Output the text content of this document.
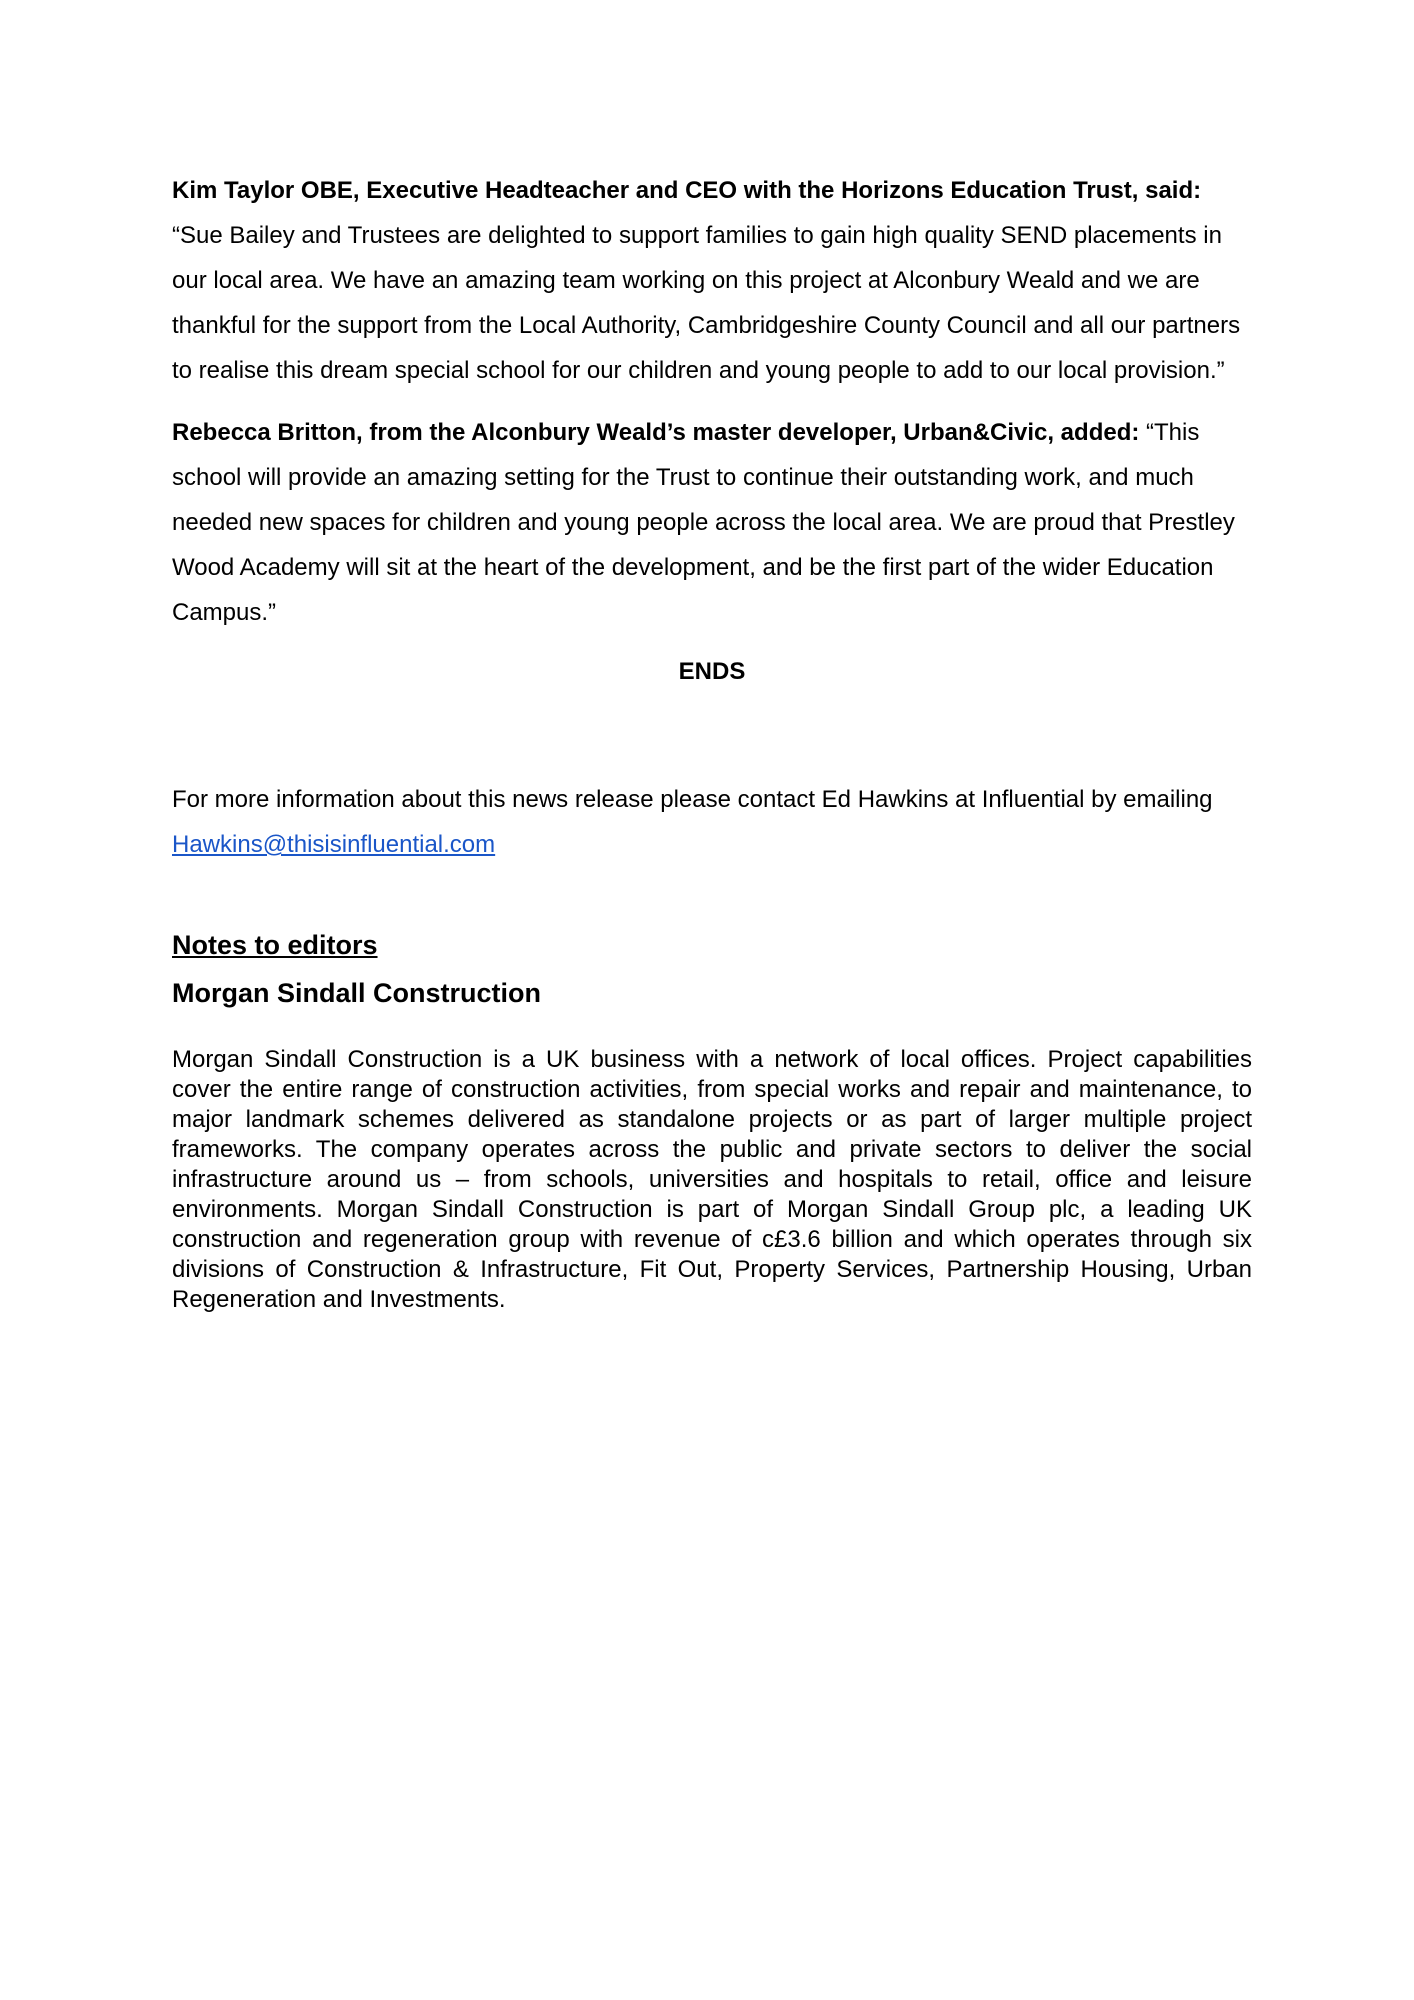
Kim Taylor OBE, Executive Headteacher and CEO with the Horizons Education Trust, said: “Sue Bailey and Trustees are delighted to support families to gain high quality SEND placements in our local area. We have an amazing team working on this project at Alconbury Weald and we are thankful for the support from the Local Authority, Cambridgeshire County Council and all our partners to realise this dream special school for our children and young people to add to our local provision.”

Rebecca Britton, from the Alconbury Weald’s master developer, Urban&Civic, added: “This school will provide an amazing setting for the Trust to continue their outstanding work, and much needed new spaces for children and young people across the local area. We are proud that Prestley Wood Academy will sit at the heart of the development, and be the first part of the wider Education Campus.”

ENDS
For more information about this news release please contact Ed Hawkins at Influential by emailing Hawkins@thisisinfluential.com
Notes to editors
Morgan Sindall Construction

Morgan Sindall Construction is a UK business with a network of local offices. Project capabilities cover the entire range of construction activities, from special works and repair and maintenance, to major landmark schemes delivered as standalone projects or as part of larger multiple project frameworks. The company operates across the public and private sectors to deliver the social infrastructure around us – from schools, universities and hospitals to retail, office and leisure environments. Morgan Sindall Construction is part of Morgan Sindall Group plc, a leading UK construction and regeneration group with revenue of c£3.6 billion and which operates through six divisions of Construction & Infrastructure, Fit Out, Property Services, Partnership Housing, Urban Regeneration and Investments.
